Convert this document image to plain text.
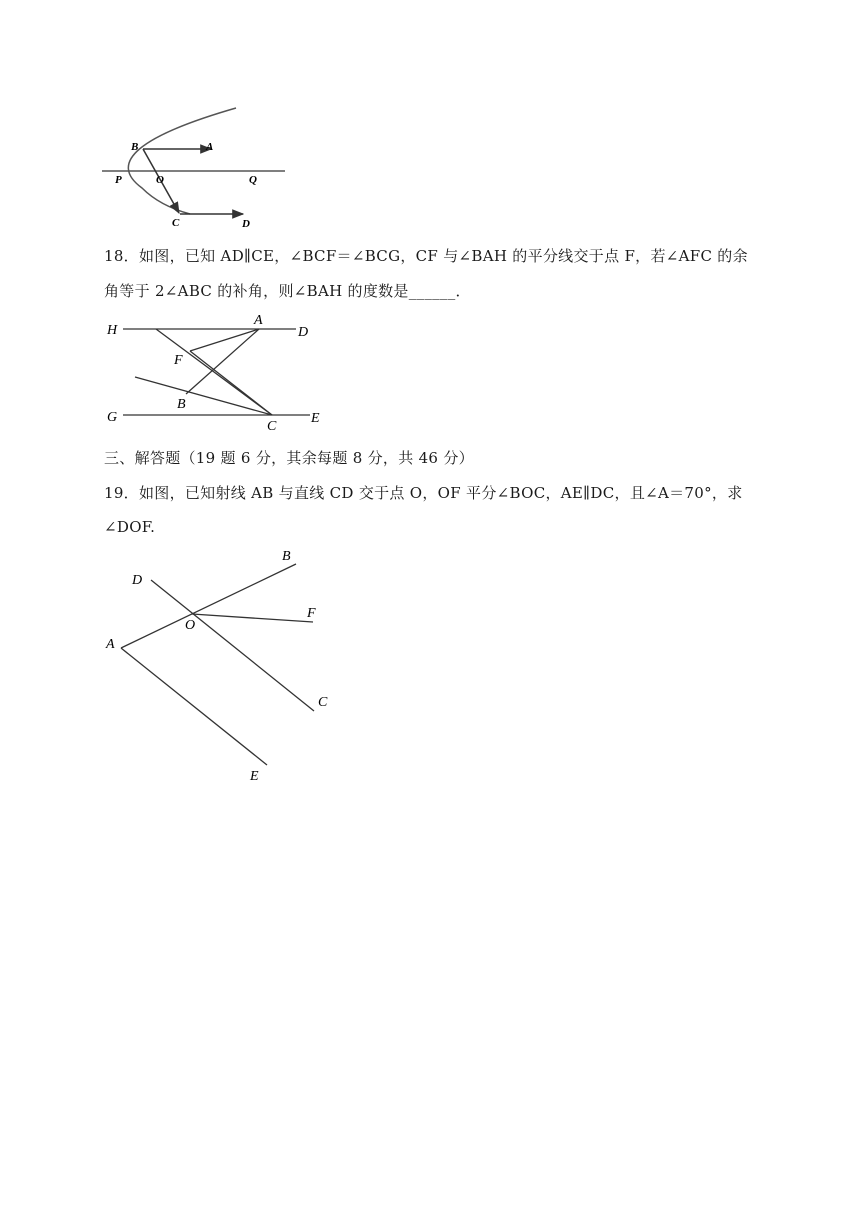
B	A
P	O	Q
C	D
18．如图，已知 AD∥CE，∠BCF＝∠BCG，CF 与∠BAH 的平分线交于点 F，若∠AFC 的余
角等于 2∠ABC 的补角，则∠BAH 的度数是______．
H
A
D
F
B
G
C
E
三、解答题（19 题 6 分，其余每题 8 分，共 46 分）
19．如图，已知射线 AB 与直线 CD 交于点 O，OF 平分∠BOC，AE∥DC，且∠A＝70°，求
∠DOF.
B
D
F
O
A
C
E
